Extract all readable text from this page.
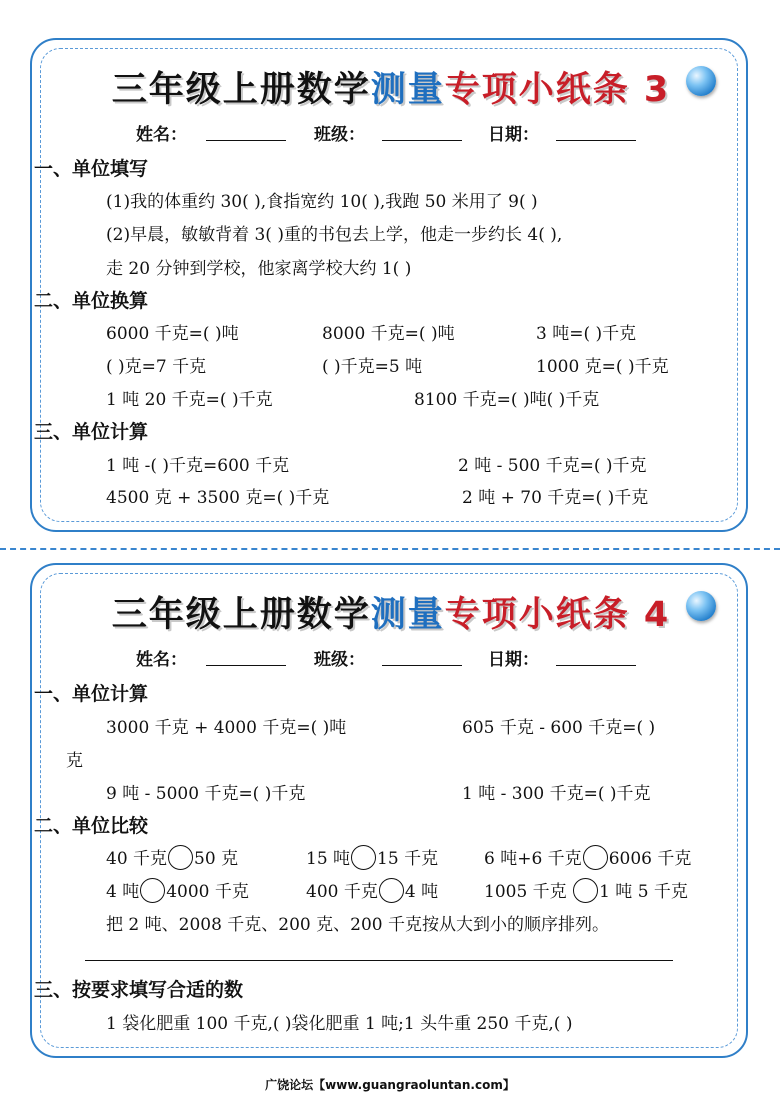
三年级上册数学测量专项小纸条 3
姓名：	班级：	日期：
一、单位填写
(1)我的体重约 30( ),食指宽约 10( ),我跑 50 米用了 9( )
(2)早晨，敏敏背着 3( )重的书包去上学，他走一步约长 4( ),
走 20 分钟到学校，他家离学校大约 1( )
二、单位换算
6000 千克=( )吨	8000 千克=( )吨	3 吨=( )千克
( )克=7 千克	( )千克=5 吨	1000 克=( )千克
1 吨 20 千克=( )千克	8100 千克=( )吨( )千克
三、单位计算
1 吨 -( )千克=600 千克	2 吨 - 500 千克=( )千克
4500 克 + 3500 克=( )千克	2 吨 + 70 千克=( )千克
三年级上册数学测量专项小纸条 4
姓名：	班级：	日期：
一、单位计算
3000 千克 + 4000 千克=( )吨	605 千克 - 600 千克=( )
克
9 吨 - 5000 千克=( )千克	1 吨 - 300 千克=( )千克
二、单位比较
40 千克 50 克	15 吨 15 千克	6 吨+6 千克 6006 千克
4 吨 4000 千克	400 千克 4 吨	1005 千克 1 吨 5 千克
把 2 吨、2008 千克、200 克、200 千克按从大到小的顺序排列。
三、按要求填写合适的数
1 袋化肥重 100 千克,( )袋化肥重 1 吨;1 头牛重 250 千克,( )
广饶论坛【www.guangraoluntan.com】
